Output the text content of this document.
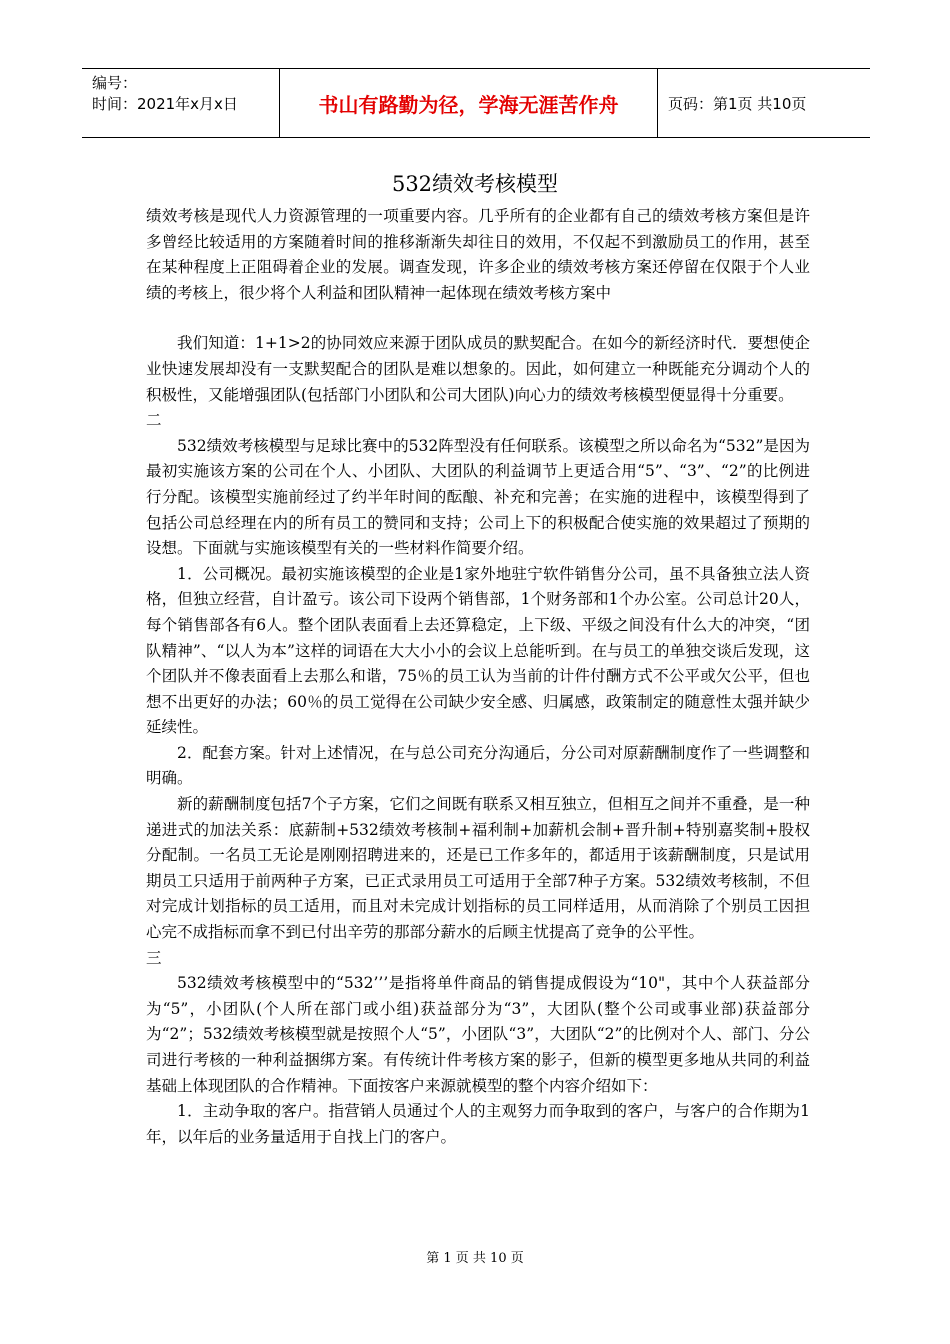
编号：
时间：2021年x月x日	书山有路勤为径，学海无涯苦作舟	页码：第1页 共10页
532绩效考核模型

绩效考核是现代人力资源管理的一项重要内容。几乎所有的企业都有自己的绩效考核方案但是许多曾经比较适用的方案随着时间的推移渐渐失却往日的效用，不仅起不到激励员工的作用，甚至在某种程度上正阻碍着企业的发展。调查发现，许多企业的绩效考核方案还停留在仅限于个人业绩的考核上，很少将个人利益和团队精神一起体现在绩效考核方案中

我们知道：1+1>2的协同效应来源于团队成员的默契配合。在如今的新经济时代．要想使企业快速发展却没有一支默契配合的团队是难以想象的。因此，如何建立一种既能充分调动个人的积极性，又能增强团队(包括部门小团队和公司大团队)向心力的绩效考核模型便显得十分重要。

二

532绩效考核模型与足球比赛中的532阵型没有任何联系。该模型之所以命名为“532”是因为最初实施该方案的公司在个人、小团队、大团队的利益调节上更适合用“5”、“3”、“2”的比例进行分配。该模型实施前经过了约半年时间的酝酿、补充和完善；在实施的进程中，该模型得到了包括公司总经理在内的所有员工的赞同和支持；公司上下的积极配合使实施的效果超过了预期的设想。下面就与实施该模型有关的一些材料作简要介绍。

1．公司概况。最初实施该模型的企业是1家外地驻宁软件销售分公司，虽不具备独立法人资格，但独立经营，自计盈亏。该公司下设两个销售部，1个财务部和1个办公室。公司总计20人，每个销售部各有6人。整个团队表面看上去还算稳定，上下级、平级之间没有什么大的冲突，“团队精神”、“以人为本”这样的词语在大大小小的会议上总能听到。在与员工的单独交谈后发现，这个团队并不像表面看上去那么和谐，75％的员工认为当前的计件付酬方式不公平或欠公平，但也想不出更好的办法；60％的员工觉得在公司缺少安全感、归属感，政策制定的随意性太强并缺少延续性。

2．配套方案。针对上述情况，在与总公司充分沟通后，分公司对原薪酬制度作了一些调整和明确。

新的薪酬制度包括7个子方案，它们之间既有联系又相互独立，但相互之间并不重叠，是一种递进式的加法关系：底薪制+532绩效考核制+福利制+加薪机会制+晋升制+特别嘉奖制+股权分配制。一名员工无论是刚刚招聘进来的，还是已工作多年的，都适用于该薪酬制度，只是试用期员工只适用于前两种子方案，已正式录用员工可适用于全部7种子方案。532绩效考核制，不但对完成计划指标的员工适用，而且对未完成计划指标的员工同样适用，从而消除了个别员工因担心完不成指标而拿不到已付出辛劳的那部分薪水的后顾主忧提高了竞争的公平性。

三

532绩效考核模型中的“532’’’是指将单件商品的销售提成假设为“10"，其中个人获益部分为“5”，小团队(个人所在部门或小组)获益部分为“3”，大团队(整个公司或事业部)获益部分为“2”；532绩效考核模型就是按照个人“5”，小团队“3”，大团队“2”的比例对个人、部门、分公司进行考核的一种利益捆绑方案。有传统计件考核方案的影子，但新的模型更多地从共同的利益基础上体现团队的合作精神。下面按客户来源就模型的整个内容介绍如下：

1．主动争取的客户。指营销人员通过个人的主观努力而争取到的客户，与客户的合作期为1年，以年后的业务量适用于自找上门的客户。

第 1 页 共 10 页
